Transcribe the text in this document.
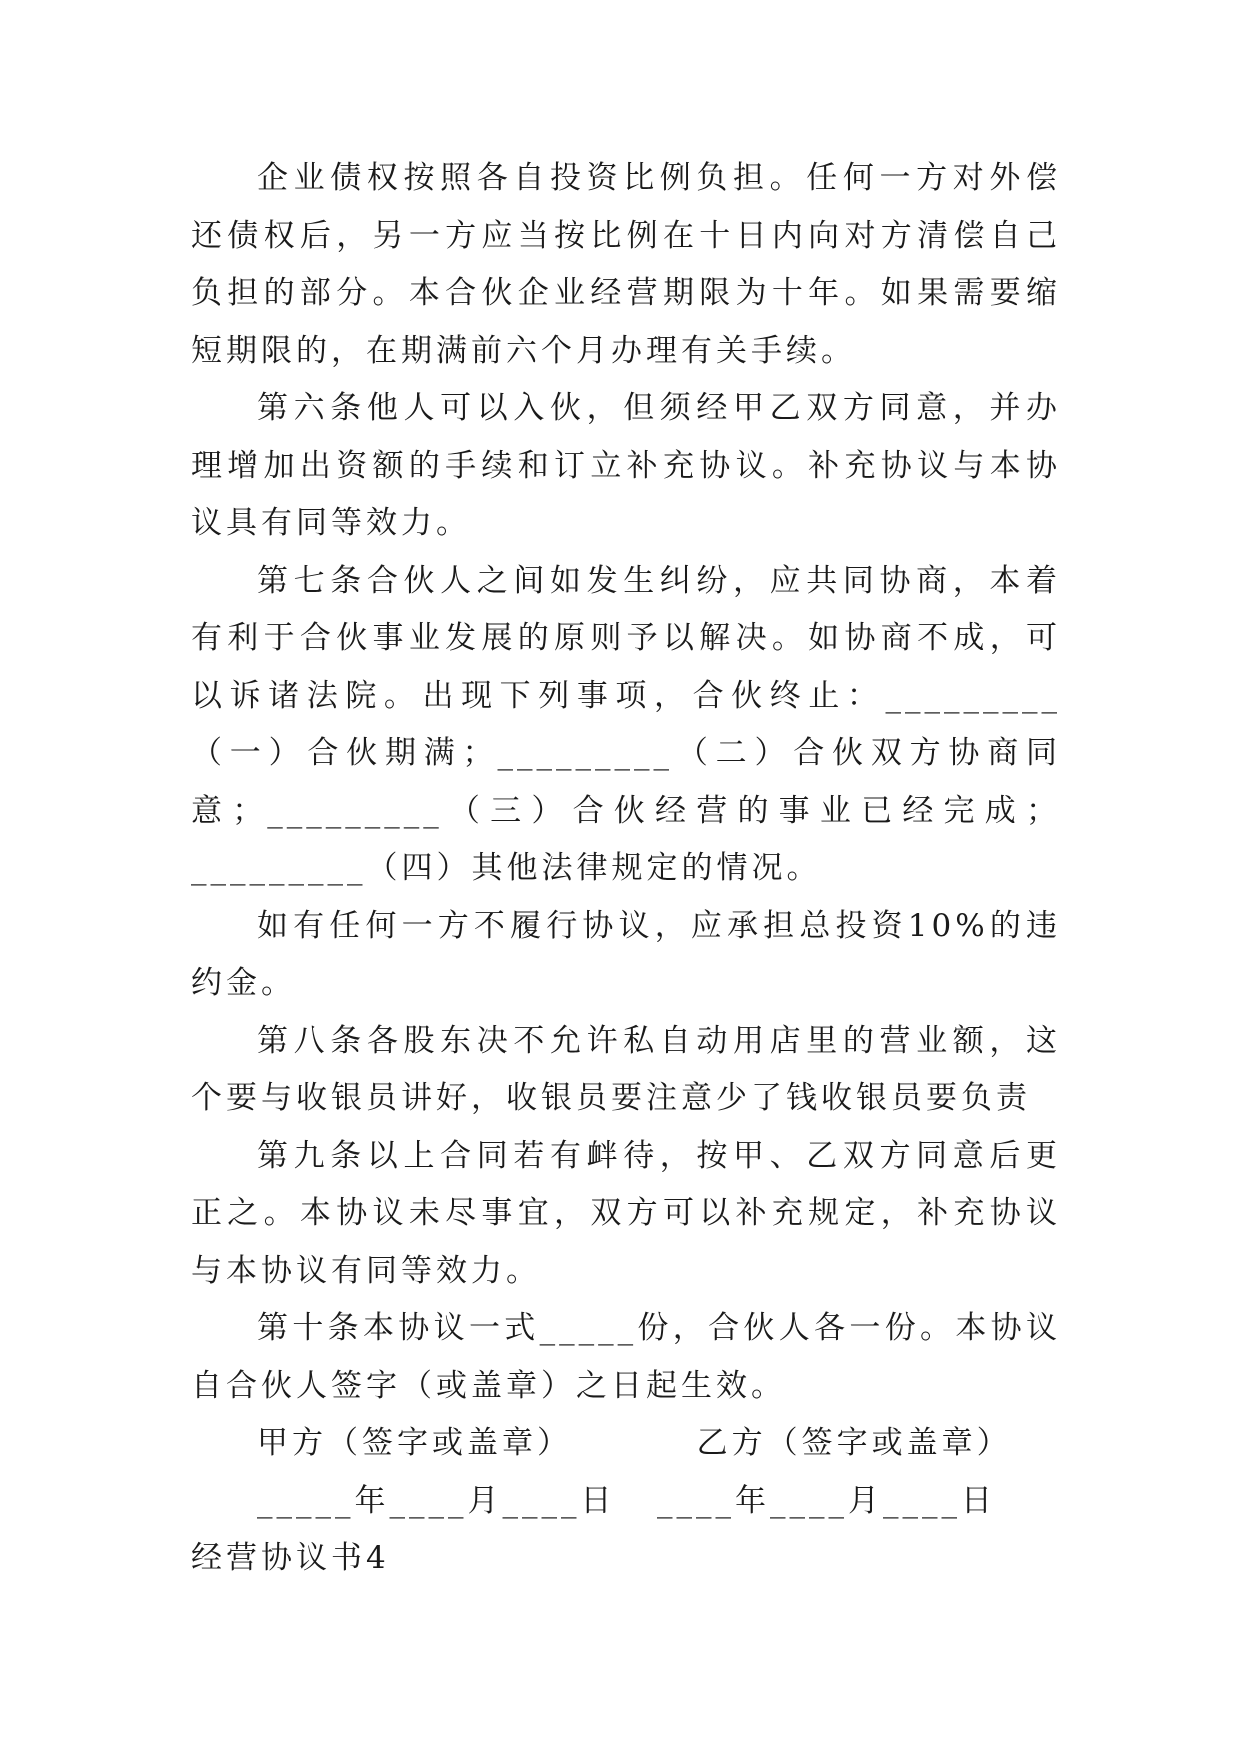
企业债权按照各自投资比例负担。任何一方对外偿还债权后，另一方应当按比例在十日内向对方清偿自己负担的部分。本合伙企业经营期限为十年。如果需要缩短期限的，在期满前六个月办理有关手续。

第六条他人可以入伙，但须经甲乙双方同意，并办理增加出资额的手续和订立补充协议。补充协议与本协议具有同等效力。

第七条合伙人之间如发生纠纷，应共同协商，本着有利于合伙事业发展的原则予以解决。如协商不成，可以诉诸法院。出现下列事项，合伙终止：_________（一）合伙期满；_________（二）合伙双方协商同意；_________（三）合伙经营的事业已经完成；_________（四）其他法律规定的情况。

如有任何一方不履行协议，应承担总投资10%的违约金。

第八条各股东决不允许私自动用店里的营业额，这个要与收银员讲好，收银员要注意少了钱收银员要负责

第九条以上合同若有衅待，按甲、乙双方同意后更正之。本协议未尽事宜，双方可以补充规定，补充协议与本协议有同等效力。

第十条本协议一式_____份，合伙人各一份。本协议自合伙人签字（或盖章）之日起生效。

甲方（签字或盖章）         乙方（签字或盖章）

_____年____月____日   ____年____月____日

经营协议书4
